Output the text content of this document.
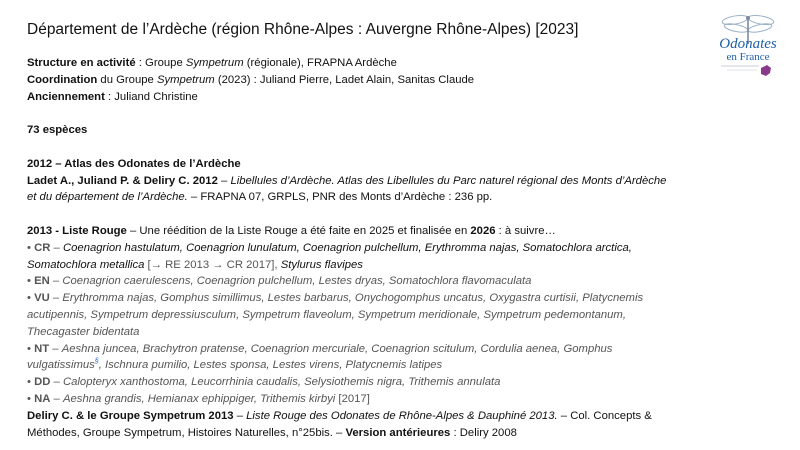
Département de l’Ardèche (région Rhône-Alpes : Auvergne Rhône-Alpes) [2023]
Odonates
en France
Structure en activité : Groupe Sympetrum (régionale), FRAPNA Ardèche
Coordination du Groupe Sympetrum (2023) : Juliand Pierre, Ladet Alain, Sanitas Claude
Anciennement : Juliand Christine
73 espèces
2012 – Atlas des Odonates de l’Ardèche
Ladet A., Juliand P. & Deliry C. 2012 – Libellules d’Ardèche. Atlas des Libellules du Parc naturel régional des Monts d’Ardèche
et du département de l’Ardèche. – FRAPNA 07, GRPLS, PNR des Monts d’Ardèche : 236 pp.
2013 - Liste Rouge – Une réédition de la Liste Rouge a été faite en 2025 et finalisée en 2026 : à suivre…
• CR – Coenagrion hastulatum, Coenagrion lunulatum, Coenagrion pulchellum, Erythromma najas, Somatochlora arctica,
Somatochlora metallica [→ RE 2013 → CR 2017], Stylurus flavipes
• EN – Coenagrion caerulescens, Coenagrion pulchellum, Lestes dryas, Somatochlora flavomaculata
• VU – Erythromma najas, Gomphus simillimus, Lestes barbarus, Onychogomphus uncatus, Oxygastra curtisii, Platycnemis
acutipennis, Sympetrum depressiusculum, Sympetrum flaveolum, Sympetrum meridionale, Sympetrum pedemontanum,
Thecagaster bidentata
• NT – Aeshna juncea, Brachytron pratense, Coenagrion mercuriale, Coenagrion scitulum, Cordulia aenea, Gomphus
vulgatissimus§, Ischnura pumilio, Lestes sponsa, Lestes virens, Platycnemis latipes
• DD – Calopteryx xanthostoma, Leucorrhinia caudalis, Selysiothemis nigra, Trithemis annulata
• NA – Aeshna grandis, Hemianax ephippiger, Trithemis kirbyi [2017]
Deliry C. & le Groupe Sympetrum 2013 – Liste Rouge des Odonates de Rhône-Alpes & Dauphiné 2013. – Col. Concepts &
Méthodes, Groupe Sympetrum, Histoires Naturelles, n°25bis. – Version antérieures : Deliry 2008
